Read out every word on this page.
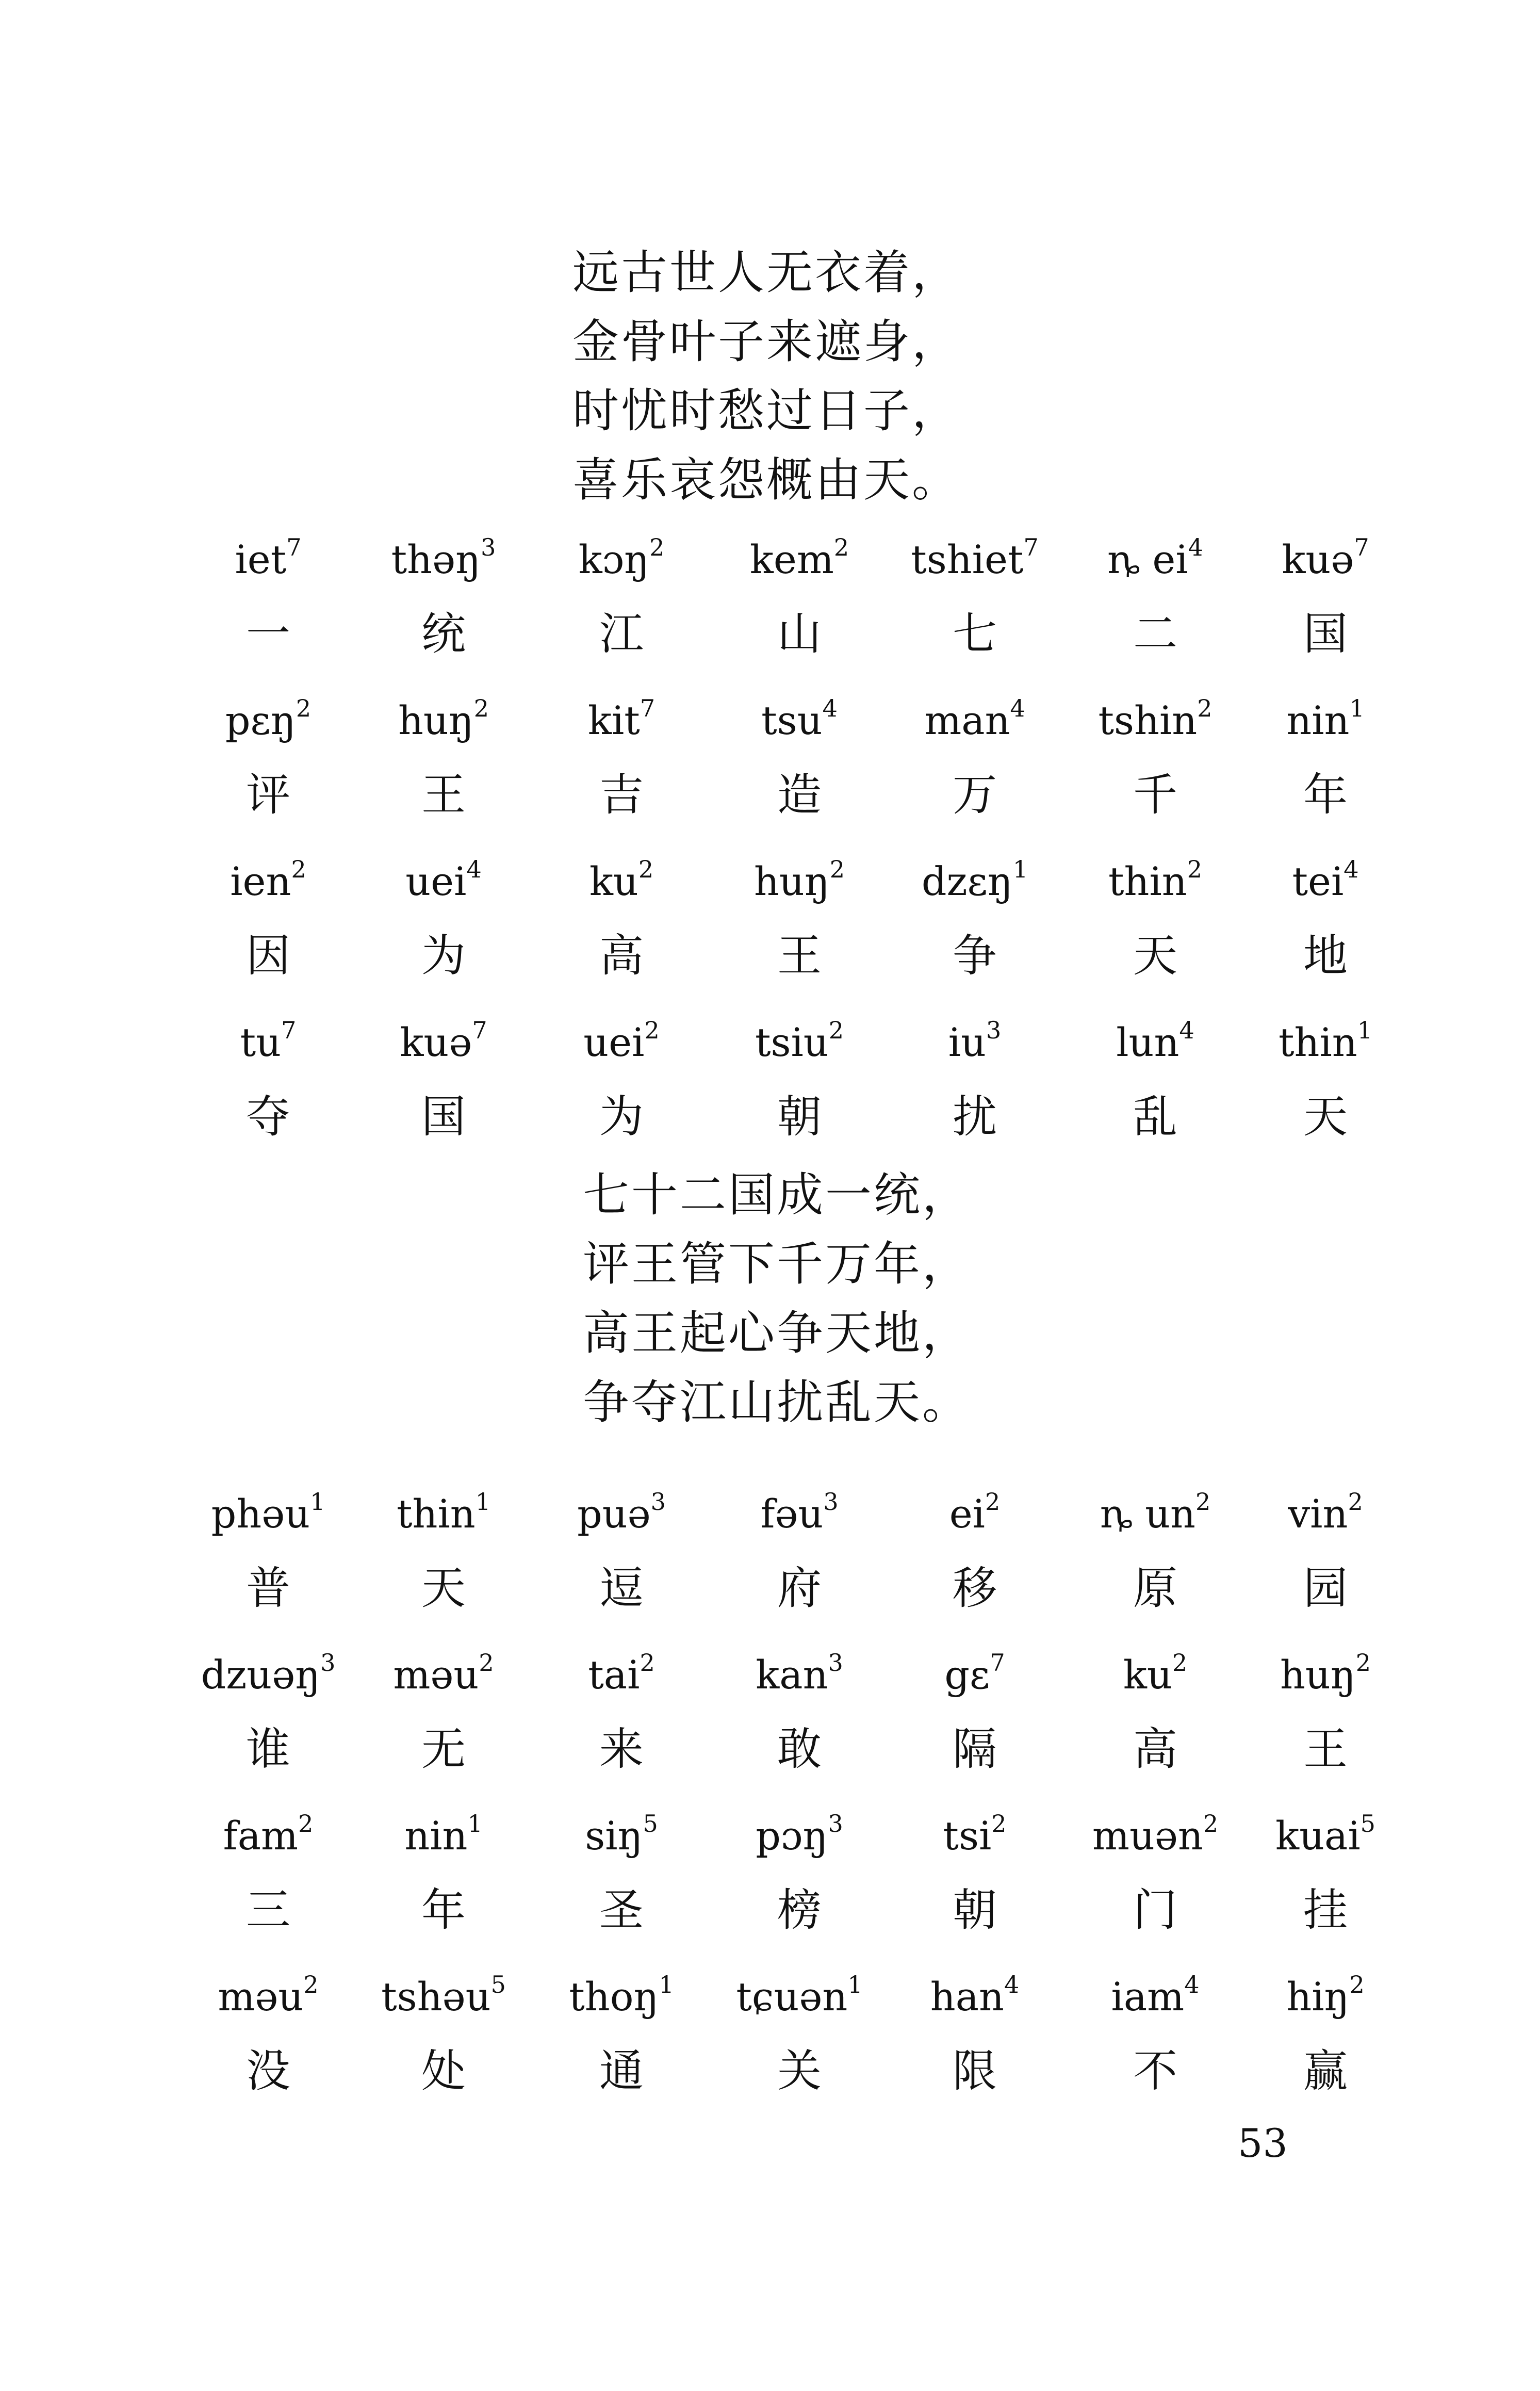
远古世人无衣着，
金骨叶子来遮身，
时忧时愁过日子，
喜乐哀怨概由天。
iet$^7$
一
thəŋ$^3$
统
kɔŋ$^2$
江
kem$^2$
山
tshiet$^7$
七
ȵ $ei^4$
二
kuə$^7$
国
pɛŋ$^2$
评
huŋ$^2$
王
kit$^7$
吉
tsu$^4$
造
man$^4$
万
tshin$^2$
千
nin$^1$
年
ien$^2$
因
uei$^4$
为
$ku^2$
高
huŋ$^2$
王
dzɛŋ$^1$
争
thin$^2$
天
tei$^4$
地
$tu^7$
夺
kuə$^7$
国
uei$^2$
为
tsiu$^2$
朝
$iu^3$
扰
lun$^4$
乱
thin$^1$
天
七十二国成一统，
评王管下千万年，
高王起心争天地，
争夺江山扰乱天。
phəu$^1$
普
thin$^1$
天
puə$^3$
逗
fəu$^3$
府
$ei^2$
移
ȵ $un^2$
原
vin$^2$
园
dzuəŋ$^3$
谁
məu$^2$
无
tai$^2$
来
kan$^3$
敢
gɛ$^7$
隔
$ku^2$
高
huŋ$^2$
王
fam$^2$
三
nin$^1$
年
siŋ$^5$
圣
pɔŋ$^3$
榜
tsi$^2$
朝
muən$^2$
门
kuai$^5$
挂
məu$^2$
没
tshəu$^5$
处
thoŋ$^1$
通
tɕuən$^1$
关
han$^4$
限
iam$^4$
不
hiŋ$^2$
赢
53
